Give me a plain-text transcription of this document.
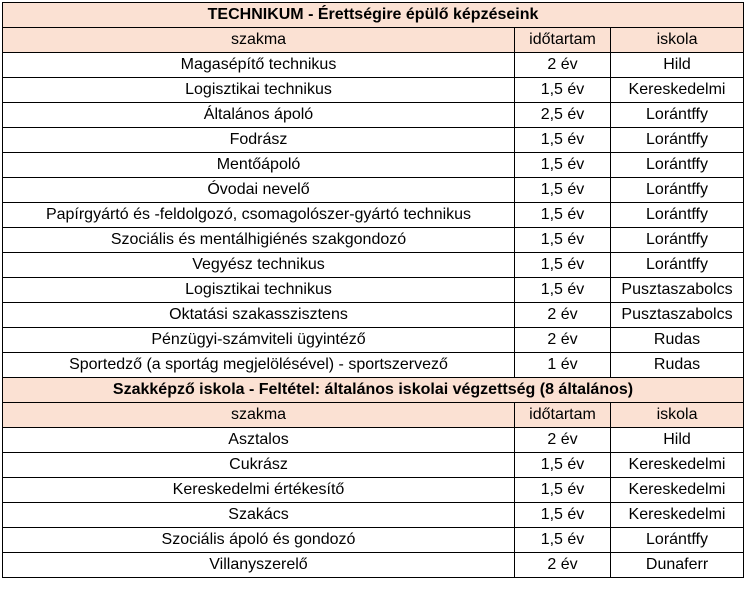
TECHNIKUM - Érettségire épülő képzéseink		
szakma	időtartam	iskola
Magasépítő technikus	2 év	Hild
Logisztikai technikus	1,5 év	Kereskedelmi
Általános ápoló	2,5 év	Lorántffy
Fodrász	1,5 év	Lorántffy
Mentőápoló	1,5 év	Lorántffy
Óvodai nevelő	1,5 év	Lorántffy
Papírgyártó és -feldolgozó, csomagolószer-gyártó technikus	1,5 év	Lorántffy
Szociális és mentálhigiénés szakgondozó	1,5 év	Lorántffy
Vegyész technikus	1,5 év	Lorántffy
Logisztikai technikus	1,5 év	Pusztaszabolcs
Oktatási szakasszisztens	2 év	Pusztaszabolcs
Pénzügyi-számviteli ügyintéző	2 év	Rudas
Sportedző (a sportág megjelölésével) - sportszervező	1 év	Rudas
Szakképző iskola - Feltétel: általános iskolai végzettség (8 általános)		
szakma	időtartam	iskola
Asztalos	2 év	Hild
Cukrász	1,5 év	Kereskedelmi
Kereskedelmi értékesítő	1,5 év	Kereskedelmi
Szakács	1,5 év	Kereskedelmi
Szociális ápoló és gondozó	1,5 év	Lorántffy
Villanyszerelő	2 év	Dunaferr
